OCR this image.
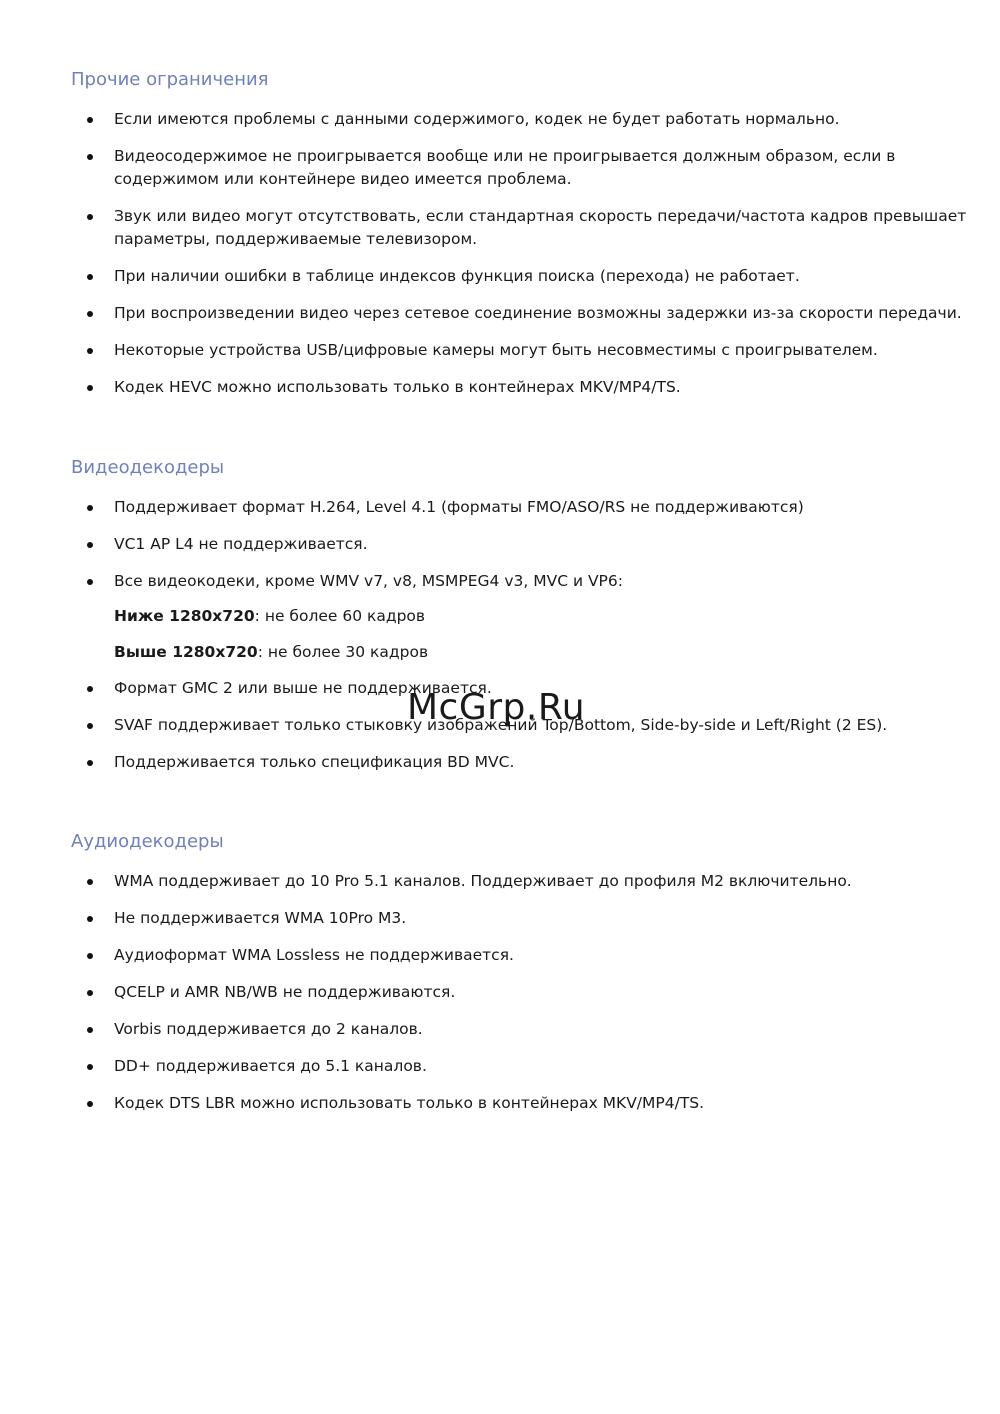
Прочие ограничения
Если имеются проблемы с данными содержимого, кодек не будет работать нормально.
Видеосодержимое не проигрывается вообще или не проигрывается должным образом, если в
содержимом или контейнере видео имеется проблема.
Звук или видео могут отсутствовать, если стандартная скорость передачи/частота кадров превышает
параметры, поддерживаемые телевизором.
При наличии ошибки в таблице индексов функция поиска (перехода) не работает.
При воспроизведении видео через сетевое соединение возможны задержки из-за скорости передачи.
Некоторые устройства USB/цифровые камеры могут быть несовместимы с проигрывателем.
Кодек HEVC можно использовать только в контейнерах MKV/MP4/TS.
Видеодекодеры
Поддерживает формат H.264, Level 4.1 (форматы FMO/ASO/RS не поддерживаются)
VC1 AP L4 не поддерживается.
Все видеокодеки, кроме WMV v7, v8, MSMPEG4 v3, MVC и VP6:
Ниже 1280x720: не более 60 кадров
Выше 1280x720: не более 30 кадров
Формат GMC 2 или выше не поддерживается.
SVAF поддерживает только стыковку изображений Top/Bottom, Side-by-side и Left/Right (2 ES).
Поддерживается только спецификация BD MVC.
Аудиодекодеры
WMA поддерживает до 10 Pro 5.1 каналов. Поддерживает до профиля M2 включительно.
Не поддерживается WMA 10Pro M3.
Аудиоформат WMA Lossless не поддерживается.
QCELP и AMR NB/WB не поддерживаются.
Vorbis поддерживается до 2 каналов.
DD+ поддерживается до 5.1 каналов.
Кодек DTS LBR можно использовать только в контейнерах MKV/MP4/TS.
McGrp.Ru
